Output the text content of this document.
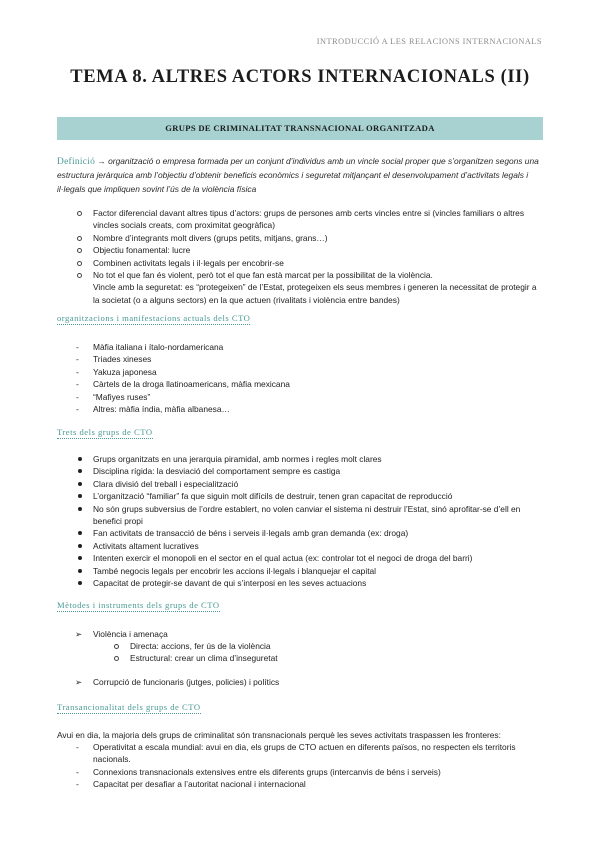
INTRODUCCIÓ A LES RELACIONS INTERNACIONALS
TEMA 8. ALTRES ACTORS INTERNACIONALS (II)
GRUPS DE CRIMINALITAT TRANSNACIONAL ORGANITZADA
Definició → organització o empresa formada per un conjunt d’individus amb un vincle social proper que s’organitzen segons una estructura jeràrquica amb l’objectiu d’obtenir beneficis econòmics i seguretat mitjançant el desenvolupament d’activitats legals i il·legals que impliquen sovint l’ús de la violència física
Factor diferencial davant altres tipus d’actors: grups de persones amb certs vincles entre si (vincles familiars o altres vincles socials creats, com proximitat geogràfica)
Nombre d’integrants molt divers (grups petits, mitjans, grans…)
Objectiu fonamental: lucre
Combinen activitats legals i il·legals per encobrir-se
No tot el que fan és violent, però tot el que fan està marcat per la possibilitat de la violència.
Vincle amb la seguretat: es “protegeixen” de l’Estat, protegeixen els seus membres i generen la necessitat de protegir a la societat (o a alguns sectors) en la que actuen (rivalitats i violència entre bandes)
organitzacions i manifestacions actuals dels CTO
- Màfia italiana i ítalo-nordamericana
- Triades xineses
- Yakuza japonesa
- Càrtels de la droga llatinoamericans, màfia mexicana
- “Mafiyes ruses”
- Altres: màfia índia, màfia albanesa…
Trets dels grups de CTO
Grups organitzats en una jerarquia piramidal, amb normes i regles molt clares
Disciplina rígida: la desviació del comportament sempre es castiga
Clara divisió del treball i especialització
L’organització “familiar” fa que siguin molt difícils de destruir, tenen gran capacitat de reproducció
No són grups subversius de l’ordre establert, no volen canviar el sistema ni destruir l’Estat, sinó aprofitar-se d’ell en benefici propi
Fan activitats de transacció de béns i serveis il·legals amb gran demanda (ex: droga)
Activitats altament lucratives
Intenten exercir el monopoli en el sector en el qual actua (ex: controlar tot el negoci de droga del barri)
També negocis legals per encobrir les accions il·legals i blanquejar el capital
Capacitat de protegir-se davant de qui s’interposi en les seves actuacions
Mètodes i instruments dels grups de CTO
➢ Violència i amenaça
Directa: accions, fer ús de la violència
Estructural: crear un clima d’inseguretat
➢ Corrupció de funcionaris (jutges, policies) i polítics
Transancionalitat dels grups de CTO
Avui en dia, la majoria dels grups de criminalitat són transnacionals perquè les seves activitats traspassen les fronteres:
- Operativitat a escala mundial: avui en dia, els grups de CTO actuen en diferents països, no respecten els territoris nacionals.
- Connexions transnacionals extensives entre els diferents grups (intercanvis de béns i serveis)
- Capacitat per desafiar a l’autoritat nacional i internacional
